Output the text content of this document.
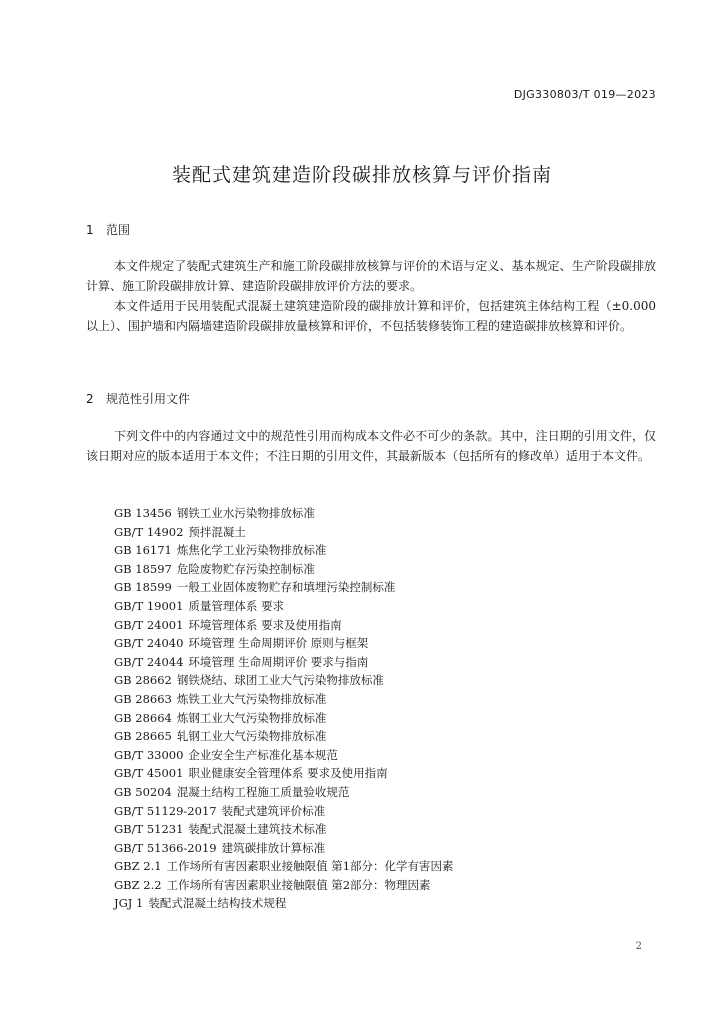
DJG330803/T 019—2023
装配式建筑建造阶段碳排放核算与评价指南
1 范围

本文件规定了装配式建筑生产和施工阶段碳排放核算与评价的术语与定义、基本规定、生产阶段碳排放计算、施工阶段碳排放计算、建造阶段碳排放评价方法的要求。

本文件适用于民用装配式混凝土建筑建造阶段的碳排放计算和评价，包括建筑主体结构工程（±0.000以上）、围护墙和内隔墙建造阶段碳排放量核算和评价，不包括装修装饰工程的建造碳排放核算和评价。

2 规范性引用文件

下列文件中的内容通过文中的规范性引用而构成本文件必不可少的条款。其中，注日期的引用文件，仅该日期对应的版本适用于本文件；不注日期的引用文件，其最新版本（包括所有的修改单）适用于本文件。

GB 13456 钢铁工业水污染物排放标准
GB/T 14902 预拌混凝土
GB 16171 炼焦化学工业污染物排放标准
GB 18597 危险废物贮存污染控制标准
GB 18599 一般工业固体废物贮存和填埋污染控制标准
GB/T 19001 质量管理体系 要求
GB/T 24001 环境管理体系 要求及使用指南
GB/T 24040 环境管理 生命周期评价 原则与框架
GB/T 24044 环境管理 生命周期评价 要求与指南
GB 28662 钢铁烧结、球团工业大气污染物排放标准
GB 28663 炼铁工业大气污染物排放标准
GB 28664 炼钢工业大气污染物排放标准
GB 28665 轧钢工业大气污染物排放标准
GB/T 33000 企业安全生产标准化基本规范
GB/T 45001 职业健康安全管理体系 要求及使用指南
GB 50204 混凝土结构工程施工质量验收规范
GB/T 51129-2017 装配式建筑评价标准
GB/T 51231 装配式混凝土建筑技术标准
GB/T 51366-2019 建筑碳排放计算标准
GBZ 2.1 工作场所有害因素职业接触限值 第1部分：化学有害因素
GBZ 2.2 工作场所有害因素职业接触限值 第2部分：物理因素
JGJ 1 装配式混凝土结构技术规程
2
